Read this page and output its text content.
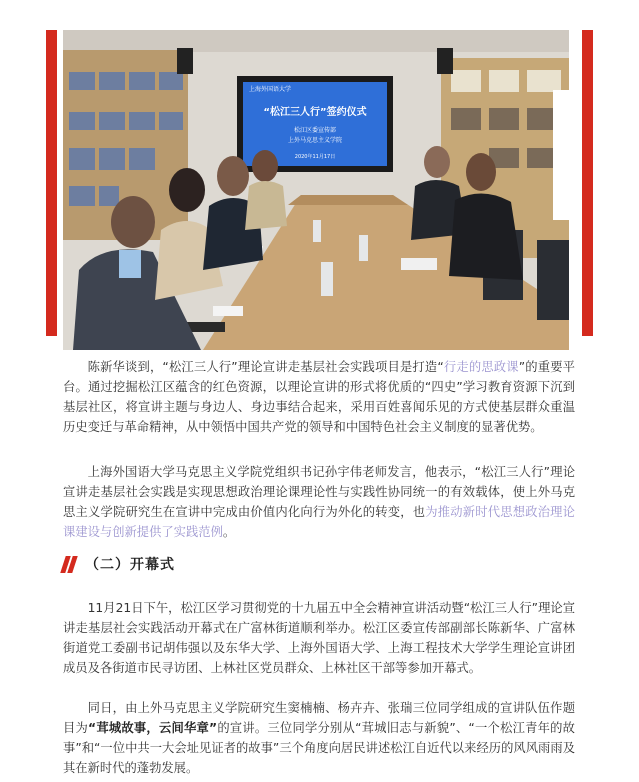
上海外国语大学
“松江三人行”签约仪式
松江区委宣传部
上外马克思主义学院
2020年11月17日

陈新华谈到，“松江三人行”理论宣讲走基层社会实践项目是打造“行走的思政课”的重要平台。通过挖掘松江区蕴含的红色资源，以理论宣讲的形式将优质的“四史”学习教育资源下沉到基层社区，将宣讲主题与身边人、身边事结合起来，采用百姓喜闻乐见的方式使基层群众重温历史变迁与革命精神，从中领悟中国共产党的领导和中国特色社会主义制度的显著优势。

上海外国语大学马克思主义学院党组织书记孙宇伟老师发言，他表示，“松江三人行”理论宣讲走基层社会实践是实现思想政治理论课理论性与实践性协同统一的有效载体，使上外马克思主义学院研究生在宣讲中完成由价值内化向行为外化的转变，也为推动新时代思想政治理论课建设与创新提供了实践范例。

（二）开幕式

11月21日下午，松江区学习贯彻党的十九届五中全会精神宣讲活动暨“松江三人行”理论宣讲走基层社会实践活动开幕式在广富林街道顺利举办。松江区委宣传部副部长陈新华、广富林街道党工委副书记胡伟强以及东华大学、上海外国语大学、上海工程技术大学学生理论宣讲团成员及各街道市民寻访团、上林社区党员群众、上林社区干部等参加开幕式。

同日，由上外马克思主义学院研究生窦楠楠、杨卉卉、张瑞三位同学组成的宣讲队伍作题目为“茸城故事，云间华章”的宣讲。三位同学分别从“茸城旧志与新貌”、“一个松江青年的故事”和“一位中共一大会址见证者的故事”三个角度向居民讲述松江自近代以来经历的风风雨雨及其在新时代的蓬勃发展。
